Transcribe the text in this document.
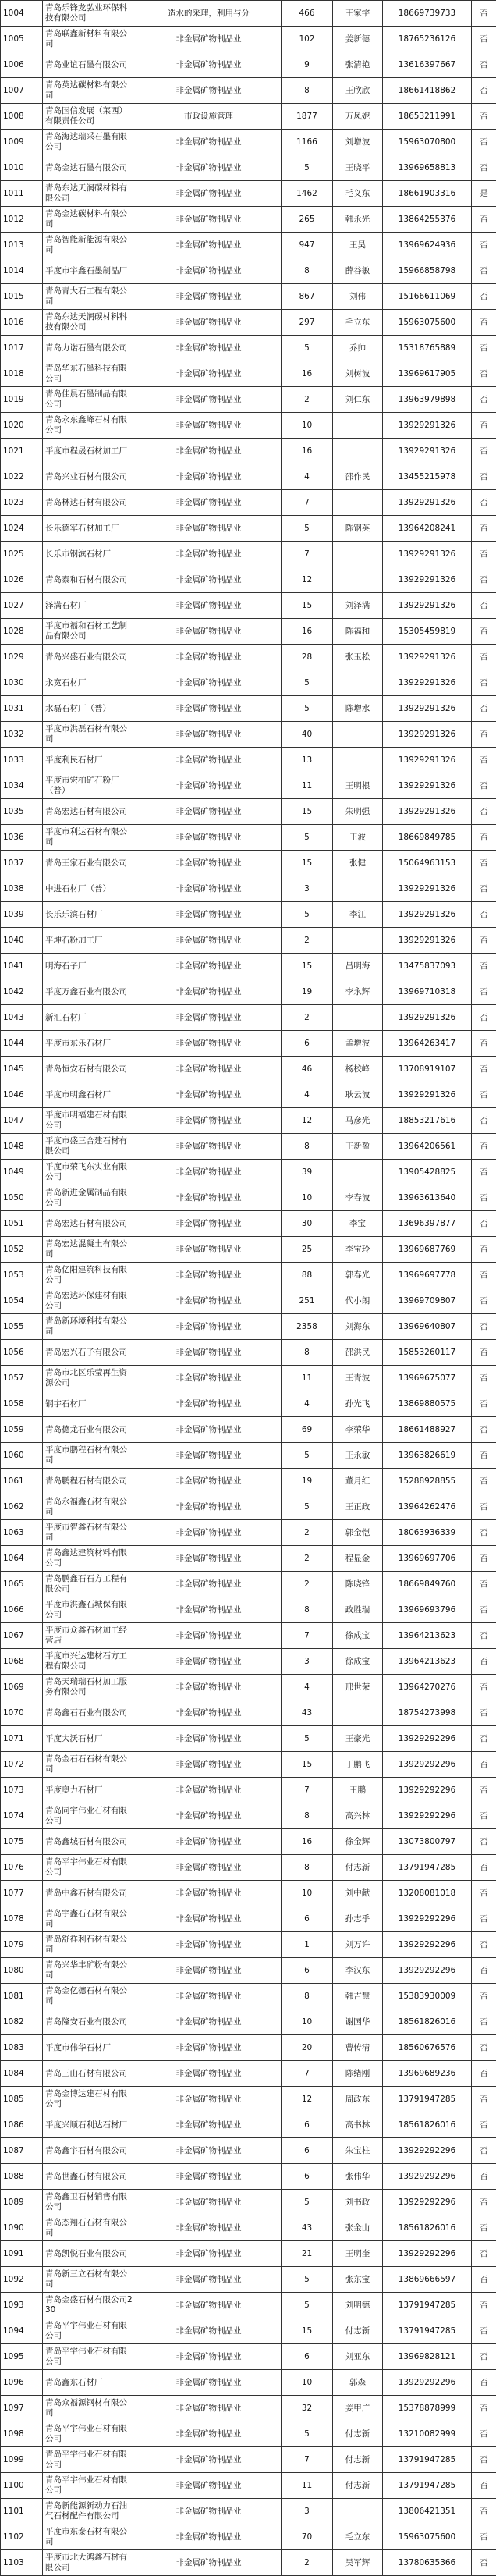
1004	青岛乐锋龙弘业环保科技有限公司	造水的采理，利用与分	466	王家宇	18669739733	否
1005	青岛联鑫新材料有限公司	非金属矿物制品业	102	姜新德	18765236126	否
1006	青岛业谊石墨有限公司	非金属矿物制品业	9	张清艳	13616397667	否
1007	青岛英达碳材料有限公司	非金属矿物制品业	8	王欣欣	18661418862	否
1008	青岛国信发展（莱西）有限责任公司	市政设施管理	1877	万凤妮	18653211991	否
1009	青岛海达瑞采石墨有限公司	非金属矿物制品业	1166	刘增波	15963070800	否
1010	青岛金达石墨有限公司	非金属矿物制品业	5	王晓平	13969658813	否
1011	青岛东达天润碳材料有限公司	非金属矿物制品业	1462	毛义东	18661903316	是
1012	青岛金达碳材料有限公司	非金属矿物制品业	265	韩永光	13864255376	否
1013	青岛智能新能源有限公司	非金属矿物制品业	947	王昊	13969624936	否
1014	平度市宇鑫石墨制品厂	非金属矿物制品业	8	薛谷敏	15966858798	否
1015	青岛青大石工程有限公司	非金属矿物制品业	867	刘伟	15166611069	否
1016	青岛东达天润碳材料科技有限公司	非金属矿物制品业	297	毛立东	15963075600	否
1017	青岛力诺石墨有限公司	非金属矿物制品业	5	乔帅	15318765889	否
1018	青岛华东石墨科技有限公司	非金属矿物制品业	16	刘树波	13969617905	否
1019	青岛佳晨石墨制品有限公司	非金属矿物制品业	2	刘仁东	13963979898	否
1020	青岛永东鑫峰石材有限公司	非金属矿物制品业	10		13929291326	否
1021	平度市程晟石材加工厂	非金属矿物制品业	16		13929291326	否
1022	青岛兴业石材有限公司	非金属矿物制品业	4	邵作民	13455215978	否
1023	青岛林达石材有限公司	非金属矿物制品业	7		13929291326	否
1024	长乐德军石材加工厂	非金属矿物制品业	5	陈钢英	13964208241	否
1025	长乐市钢滨石材厂	非金属矿物制品业	7		13929291326	否
1026	青岛泰和石材有限公司	非金属矿物制品业	12		13929291326	否
1027	泽满石材厂	非金属矿物制品业	15	刘泽满	13929291326	否
1028	平度市福和石材工艺制品有限公司	非金属矿物制品业	16	陈福和	15305459819	否
1029	青岛兴盛石业有限公司	非金属矿物制品业	28	张玉松	13929291326	否
1030	永宽石材厂	非金属矿物制品业	5		13929291326	否
1031	水磊石材厂（普）	非金属矿物制品业	5	陈增水	13929291326	否
1032	平度市洪磊石材有限公司	非金属矿物制品业	40		13929291326	否
1033	平度利民石材厂	非金属矿物制品业	13		13929291326	否
1034	平度市宏柏矿石粉厂（普）	非金属矿物制品业	11	王明根	13929291326	否
1035	青岛宏达石材有限公司	非金属矿物制品业	15	朱明强	13929291326	否
1036	平度市利达石材有限公司	非金属矿物制品业	5	王波	18669849785	否
1037	青岛王家石业有限公司	非金属矿物制品业	15	张健	15064963153	否
1038	中进石材厂（普）	非金属矿物制品业	3		13929291326	否
1039	长乐乐滨石材厂	非金属矿物制品业	5	李江	13929291326	否
1040	平坤石粉加工厂	非金属矿物制品业	2		13929291326	否
1041	明海石子厂	非金属矿物制品业	15	吕明海	13475837093	否
1042	平度万鑫石业有限公司	非金属矿物制品业	19	李永辉	13969710318	否
1043	新汇石材厂	非金属矿物制品业	2		13929291326	否
1044	平度市东乐石材厂	非金属矿物制品业	6	孟增波	13964263417	否
1045	青岛恒安石材有限公司	非金属矿物制品业	46	杨校峰	13708919107	否
1046	平度市明鑫石材厂	非金属矿物制品业	4	耿云波	13929291326	否
1047	平度市明福建石材有限公司	非金属矿物制品业	12	马彦光	18853217616	否
1048	平度市盛三合建石材有限公司	非金属矿物制品业	8	王新盈	13964206561	否
1049	平度市荣飞东实业有限公司	非金属矿物制品业	39		13905428825	否
1050	青岛新进金属制品有限公司	非金属矿物制品业	10	李春波	13963613640	否
1051	青岛宏达石材有限公司	非金属矿物制品业	30	李宝	13696397877	否
1052	青岛宏达混凝土有限公司	非金属矿物制品业	25	李宝玲	13969687769	否
1053	青岛亿阳建筑科技有限公司	非金属矿物制品业	88	郭春光	13969697778	否
1054	青岛宏达环保建材有限公司	非金属矿物制品业	251	代小朗	13969709807	否
1055	青岛新环境科技有限公司	非金属矿物制品业	2358	刘海东	13969640807	否
1056	青岛宏兴石子有限公司	非金属矿物制品业	8	邵洪民	15853260117	否
1057	青岛市北区乐莹再生资源公司	非金属矿物制品业	11	王青波	13969675077	否
1058	钢宇石材厂	非金属矿物制品业	4	孙光飞	13869880575	否
1059	青岛德龙石业有限公司	非金属矿物制品业	69	李荣华	18661488927	否
1060	平度市鹏程石材有限公司	非金属矿物制品业	5	王永敏	13963826619	否
1061	青岛鹏程石材有限公司	非金属矿物制品业	19	董月红	15288928855	否
1062	青岛永福鑫石材有限公司	非金属矿物制品业	5	王正政	13964262476	否
1063	平度市智鑫石材有限公司	非金属矿物制品业	2	郭金恺	18063936339	否
1064	青岛鑫达建筑材料有限公司	非金属矿物制品业	2	程显金	13969697706	否
1065	青岛鹏鑫石石方工程有限公司	非金属矿物制品业	2	陈晓锋	18669849760	否
1066	平度市洪鑫石城保有限公司	非金属矿物制品业	8	政胜瑞	13969693796	否
1067	平度市众鑫石材加工经营店	非金属矿物制品业	7	徐成宝	13964213623	否
1068	平度市兴达建材石方工程有限公司	非金属矿物制品业	3	徐成宝	13964213623	否
1069	青岛天瑞瑞石材加工服务有限公司	非金属矿物制品业	4	邢世荣	13964270276	否
1070	青岛鑫石石业有限公司	非金属矿物制品业	43		18754273998	否
1071	平度大沃石材厂	非金属矿物制品业	5	王豪光	13929292296	否
1072	青岛金石石石材有限公司	非金属矿物制品业	15	丁鹏飞	13929292296	否
1073	平度奥力石材厂	非金属矿物制品业	7	王鹏	13929292296	否
1074	青岛同宇伟业石材有限公司	非金属矿物制品业	8	高兴林	13929292296	否
1075	青岛鑫城石材有限公司	非金属矿物制品业	16	徐金辉	13073800797	否
1076	青岛平宇伟业石材有限公司	非金属矿物制品业	8	付志新	13791947285	否
1077	青岛中鑫石材有限公司	非金属矿物制品业	10	刘中献	13208081018	否
1078	青岛宇鑫石石材有限公司	非金属矿物制品业	6	孙志乎	13929292296	否
1079	青岛舒祥利石材有限公司	非金属矿物制品业	1	刘万许	13929292296	否
1080	青岛兴华丰矿粉有限公司	非金属矿物制品业	6	李汉东	13929292296	否
1081	青岛金亿德石材有限公司	非金属矿物制品业	8	韩吉慧	15383930009	否
1082	青岛隆安石业有限公司	非金属矿物制品业	10	谢国华	18561826016	否
1083	平度市伟华石材厂	非金属矿物制品业	20	曹传清	18560676576	否
1084	青岛三山石材有限公司	非金属矿物制品业	7	陈绪刚	13969689236	否
1085	青岛金博达建石材有限公司	非金属矿物制品业	12	周政东	13791947285	否
1086	平度兴顺石利达石材厂	非金属矿物制品业	6	高书林	18561826016	否
1087	青岛鑫宇石材有限公司	非金属矿物制品业	6	朱宝柱	13929292296	否
1088	青岛世鑫石材有限公司	非金属矿物制品业	6	张伟华	13929292296	否
1089	青岛鑫卫石材销售有限公司	非金属矿物制品业	5	刘书政	13929292296	否
1090	青岛杰翔石石材有限公司	非金属矿物制品业	43	张金山	18561826016	否
1091	青岛凯悦石业有限公司	非金属矿物制品业	21	王明奎	13929292296	否
1092	青岛新三立石材有限公司	非金属矿物制品业	5	张东宝	13869666597	否
1093	青岛金盛石材有限公司230	非金属矿物制品业	5	刘明德	13791947285	否
1094	青岛平宇伟业石材有限公司	非金属矿物制品业	15	付志新	13791947285	否
1095	青岛平宇伟业石材有限公司	非金属矿物制品业	6	刘亚东	13969828121	否
1096	青岛鑫东石材厂	非金属矿物制品业	10	郭森	13929292296	否
1097	青岛众福源钢材有限公司	非金属矿物制品业	32	姜甲广	15378878999	否
1098	青岛平宇伟业石材有限公司	非金属矿物制品业	5	付志新	13210082999	否
1099	青岛平宇伟业石材有限公司	非金属矿物制品业	7	付志新	13791947285	否
1100	青岛平宇伟业石材有限公司	非金属矿物制品业	11	付志新	13791947285	否
1101	青岛新能源新动力石油气石材配件有限公司	非金属矿物制品业	3		13806421351	否
1102	平度市东泰石材有限公司	非金属矿物制品业	70	毛立东	15963075600	否
1103	平度市北大鸿鑫石材有限公司	非金属矿物制品业	2	吴军辉	13780635366	否
